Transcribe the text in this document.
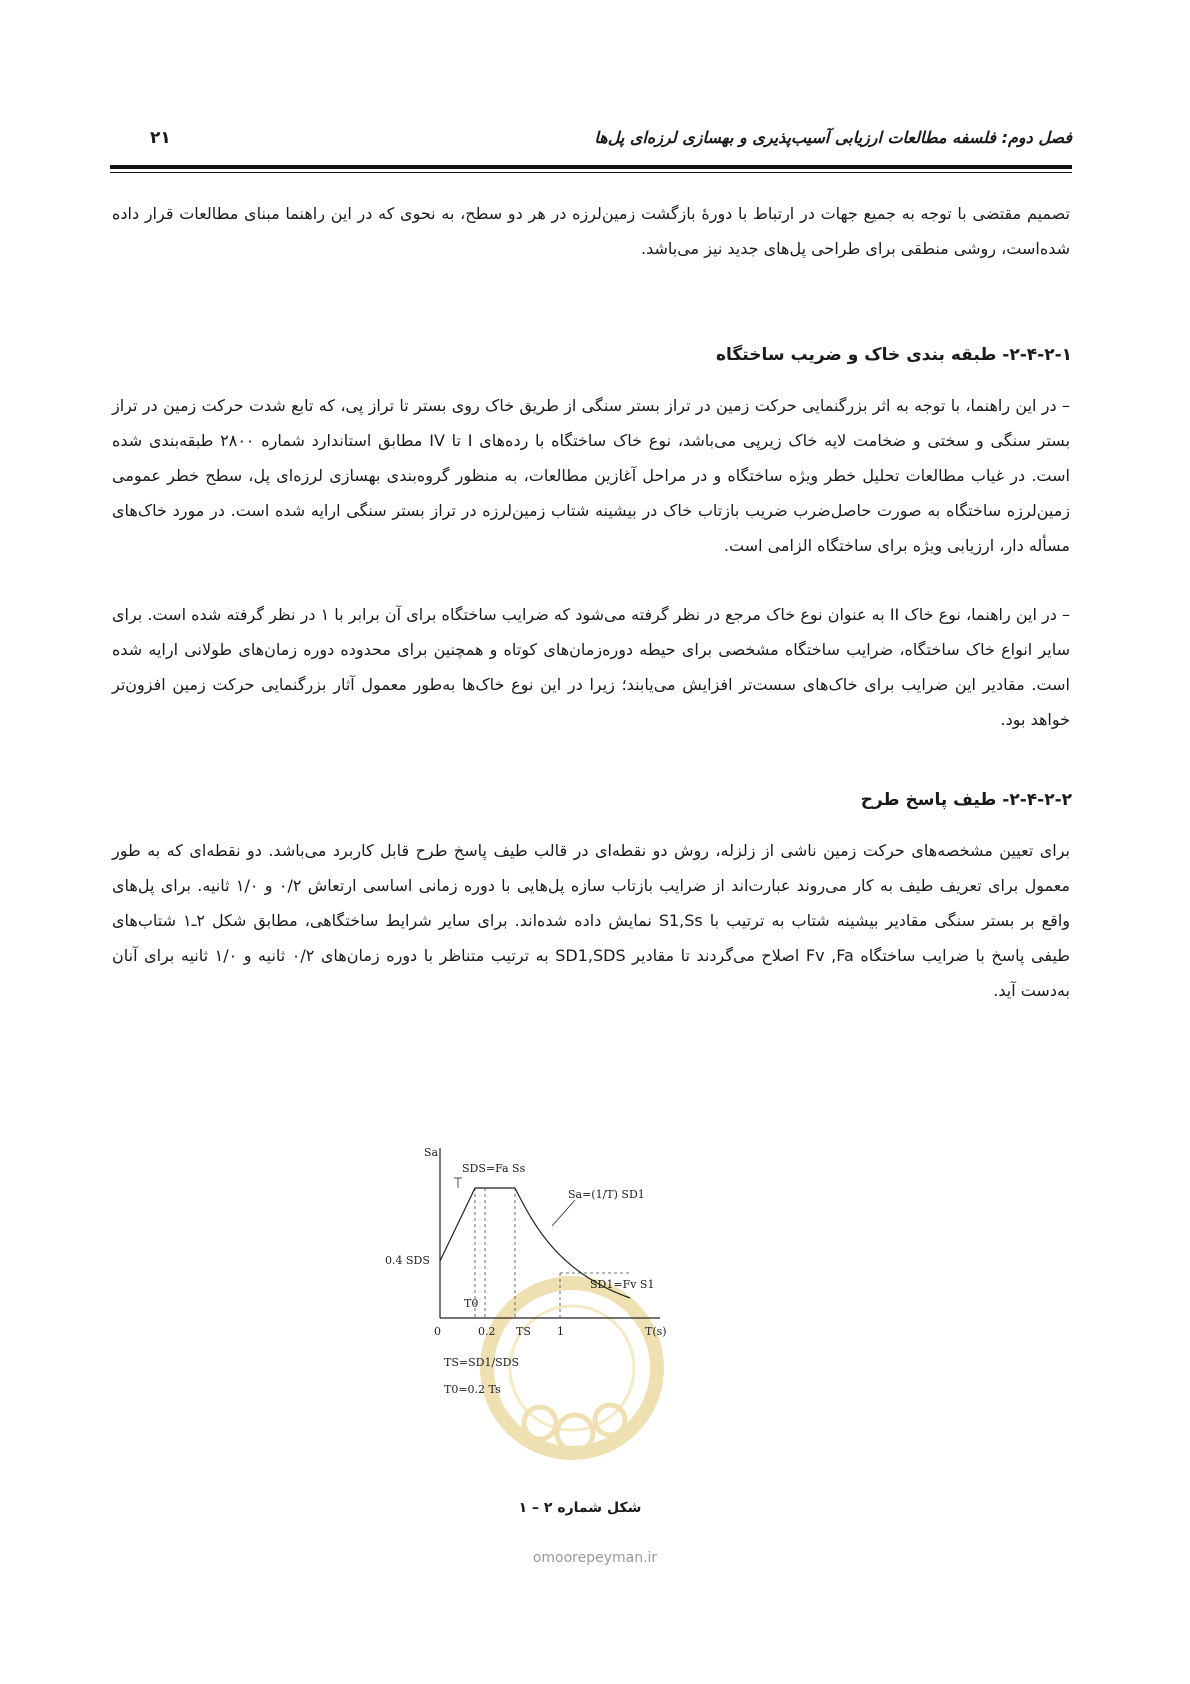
فصل دوم: فلسفه مطالعات ارزیابی آسیب‌پذیری و بهسازی لرزه‌ای پل‌ها
۲۱

تصمیم مقتضی با توجه به جمیع جهات در ارتباط با دورهٔ بازگشت زمین‌لرزه در هر دو سطح، به نحوی که در این راهنما مبنای مطالعات قرار داده شده‌است، روشی منطقی برای طراحی پل‌های جدید نیز می‌باشد.

۲-۴-۲-۱- طبقه بندی خاک و ضریب ساختگاه

– در این راهنما، با توجه به اثر بزرگنمایی حرکت زمین در تراز بستر سنگی از طریق خاک روی بستر تا تراز پی، که تابع شدت حرکت زمین در تراز بستر سنگی و سختی و ضخامت لایه خاک زیرپی می‌باشد، نوع خاک ساختگاه با رده‌های I تا IV مطابق استاندارد شماره ۲۸۰۰ طبقه‌بندی شده است. در غیاب مطالعات تحلیل خطر ویژه ساختگاه و در مراحل آغازین مطالعات، به منظور گروه‌بندی بهسازی لرزه‌ای پل، سطح خطر عمومی زمین‌لرزه ساختگاه به صورت حاصل‌ضرب ضریب بازتاب خاک در بیشینه شتاب زمین‌لرزه در تراز بستر سنگی ارایه شده است. در مورد خاک‌های مسأله دار، ارزیابی ویژه برای ساختگاه الزامی است.

– در این راهنما، نوع خاک II به عنوان نوع خاک مرجع در نظر گرفته می‌شود که ضرایب ساختگاه برای آن برابر با ۱ در نظر گرفته شده است. برای سایر انواع خاک ساختگاه، ضرایب ساختگاه مشخصی برای حیطه دوره‌زمان‌های کوتاه و همچنین برای محدوده دوره زمان‌های طولانی ارایه شده است. مقادیر این ضرایب برای خاک‌های سست‌تر افزایش می‌یابند؛ زیرا در این نوع خاک‌ها به‌طور معمول آثار بزرگنمایی حرکت زمین افزون‌تر خواهد بود.

۲-۴-۲-۲- طیف پاسخ طرح

برای تعیین مشخصه‌های حرکت زمین ناشی از زلزله، روش دو نقطه‌ای در قالب طیف پاسخ طرح قابل کاربرد می‌باشد. دو نقطه‌ای که به طور معمول برای تعریف طیف به کار می‌روند عبارت‌اند از ضرایب بازتاب سازه پل‌هایی با دوره زمانی اساسی ارتعاش ۰/۲ و ۱/۰ ثانیه. برای پل‌های واقع بر بستر سنگی مقادیر بیشینه شتاب به ترتیب با S1,Ss نمایش داده شده‌اند. برای سایر شرایط ساختگاهی، مطابق شکل ۲ـ۱ شتاب‌های طیفی پاسخ با ضرایب ساختگاه Fv ,Fa اصلاح می‌گردند تا مقادیر SD1,SDS به ترتیب متناظر با دوره زمان‌های ۰/۲ ثانیه و ۱/۰ ثانیه برای آنان به‌دست آید.

Sa
SDS=Fa Ss
Sa=(1/T) SD1
0.4 SDS
SD1=Fv S1
T0
0	0.2 TS 1	T(s)
TS=SD1/SDS
T0=0.2 Ts
شکل شماره ۲ – ۱
omoorepeyman.ir
